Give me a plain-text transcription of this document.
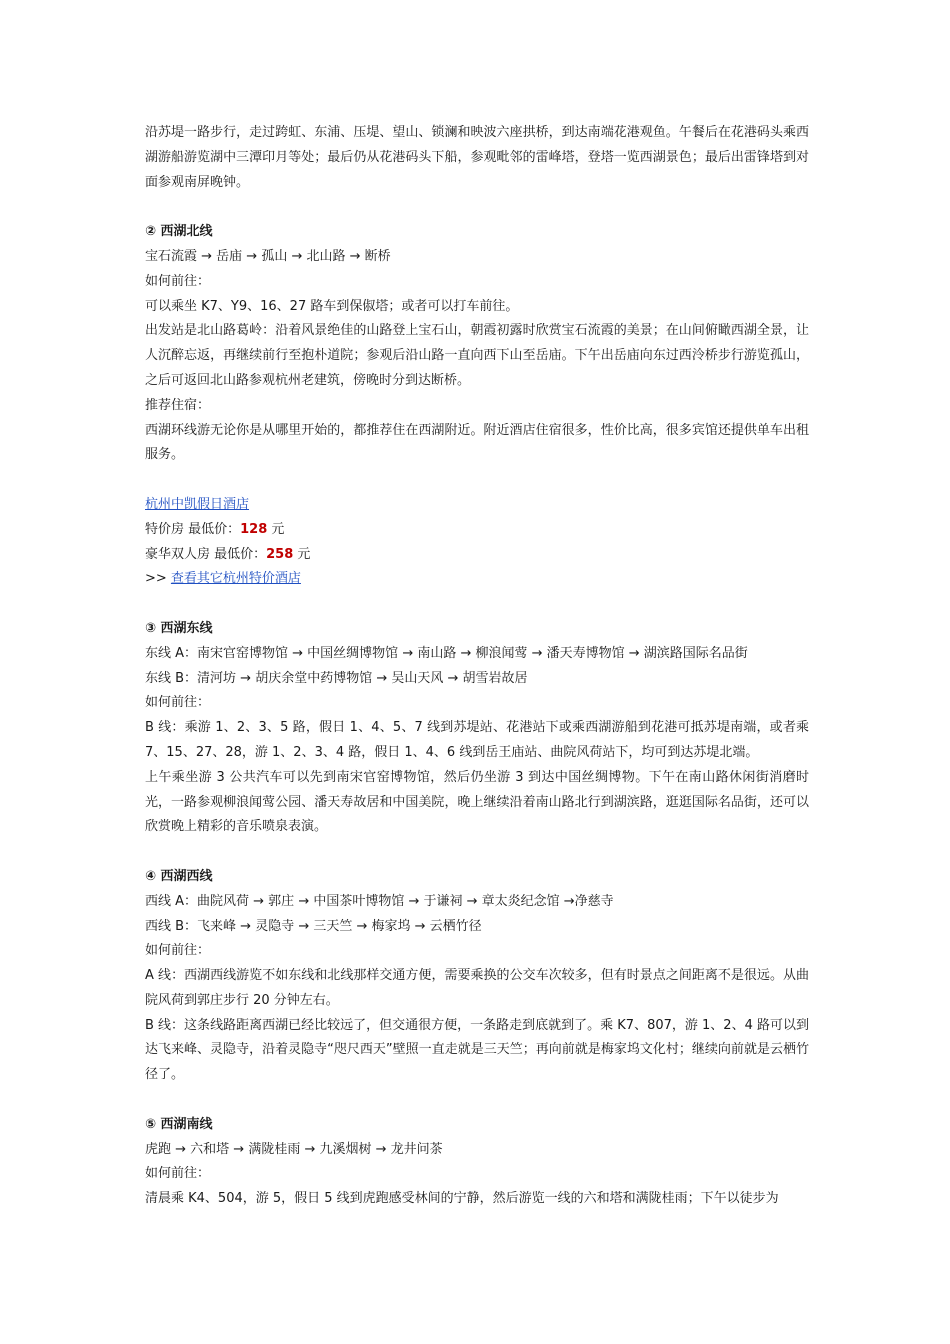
沿苏堤一路步行，走过跨虹、东浦、压堤、望山、锁澜和映波六座拱桥，到达南端花港观鱼。午餐后在花港码头乘西湖游船游览湖中三潭印月等处；最后仍从花港码头下船，参观毗邻的雷峰塔，登塔一览西湖景色；最后出雷锋塔到对面参观南屏晚钟。
② 西湖北线
宝石流霞 → 岳庙 → 孤山 → 北山路 → 断桥
如何前往：
可以乘坐 K7、Y9、16、27 路车到保俶塔；或者可以打车前往。
出发站是北山路葛岭：沿着风景绝佳的山路登上宝石山，朝霞初露时欣赏宝石流霞的美景；在山间俯瞰西湖全景，让人沉醉忘返，再继续前行至抱朴道院；参观后沿山路一直向西下山至岳庙。下午出岳庙向东过西泠桥步行游览孤山，之后可返回北山路参观杭州老建筑，傍晚时分到达断桥。
推荐住宿：
西湖环线游无论你是从哪里开始的，都推荐住在西湖附近。附近酒店住宿很多，性价比高，很多宾馆还提供单车出租服务。
杭州中凯假日酒店
特价房 最低价：128 元
豪华双人房 最低价：258 元
>> 查看其它杭州特价酒店
③ 西湖东线
东线 A：南宋官窑博物馆 → 中国丝绸博物馆 → 南山路 → 柳浪闻莺 → 潘天寿博物馆 → 湖滨路国际名品街
东线 B：清河坊 → 胡庆余堂中药博物馆 → 吴山天风 → 胡雪岩故居
如何前往：
B 线：乘游 1、2、3、5 路，假日 1、4、5、7 线到苏堤站、花港站下或乘西湖游船到花港可抵苏堤南端，或者乘 7、15、27、28，游 1、2、3、4 路，假日 1、4、6 线到岳王庙站、曲院风荷站下，均可到达苏堤北端。
上午乘坐游 3 公共汽车可以先到南宋官窑博物馆，然后仍坐游 3 到达中国丝绸博物。下午在南山路休闲街消磨时光，一路参观柳浪闻莺公园、潘天寿故居和中国美院，晚上继续沿着南山路北行到湖滨路，逛逛国际名品街，还可以欣赏晚上精彩的音乐喷泉表演。
④ 西湖西线
西线 A：曲院风荷 → 郭庄 → 中国茶叶博物馆 → 于谦祠 → 章太炎纪念馆 →净慈寺
西线 B：飞来峰 → 灵隐寺 → 三天竺 → 梅家坞 → 云栖竹径
如何前往：
A 线：西湖西线游览不如东线和北线那样交通方便，需要乘换的公交车次较多，但有时景点之间距离不是很远。从曲院风荷到郭庄步行 20 分钟左右。
B 线：这条线路距离西湖已经比较远了，但交通很方便，一条路走到底就到了。乘 K7、807，游 1、2、4 路可以到达飞来峰、灵隐寺，沿着灵隐寺“咫尺西天”壁照一直走就是三天竺；再向前就是梅家坞文化村；继续向前就是云栖竹径了。
⑤ 西湖南线
虎跑 → 六和塔 → 满陇桂雨 → 九溪烟树 → 龙井问茶
如何前往：
清晨乘 K4、504，游 5，假日 5 线到虎跑感受林间的宁静，然后游览一线的六和塔和满陇桂雨；下午以徒步为
